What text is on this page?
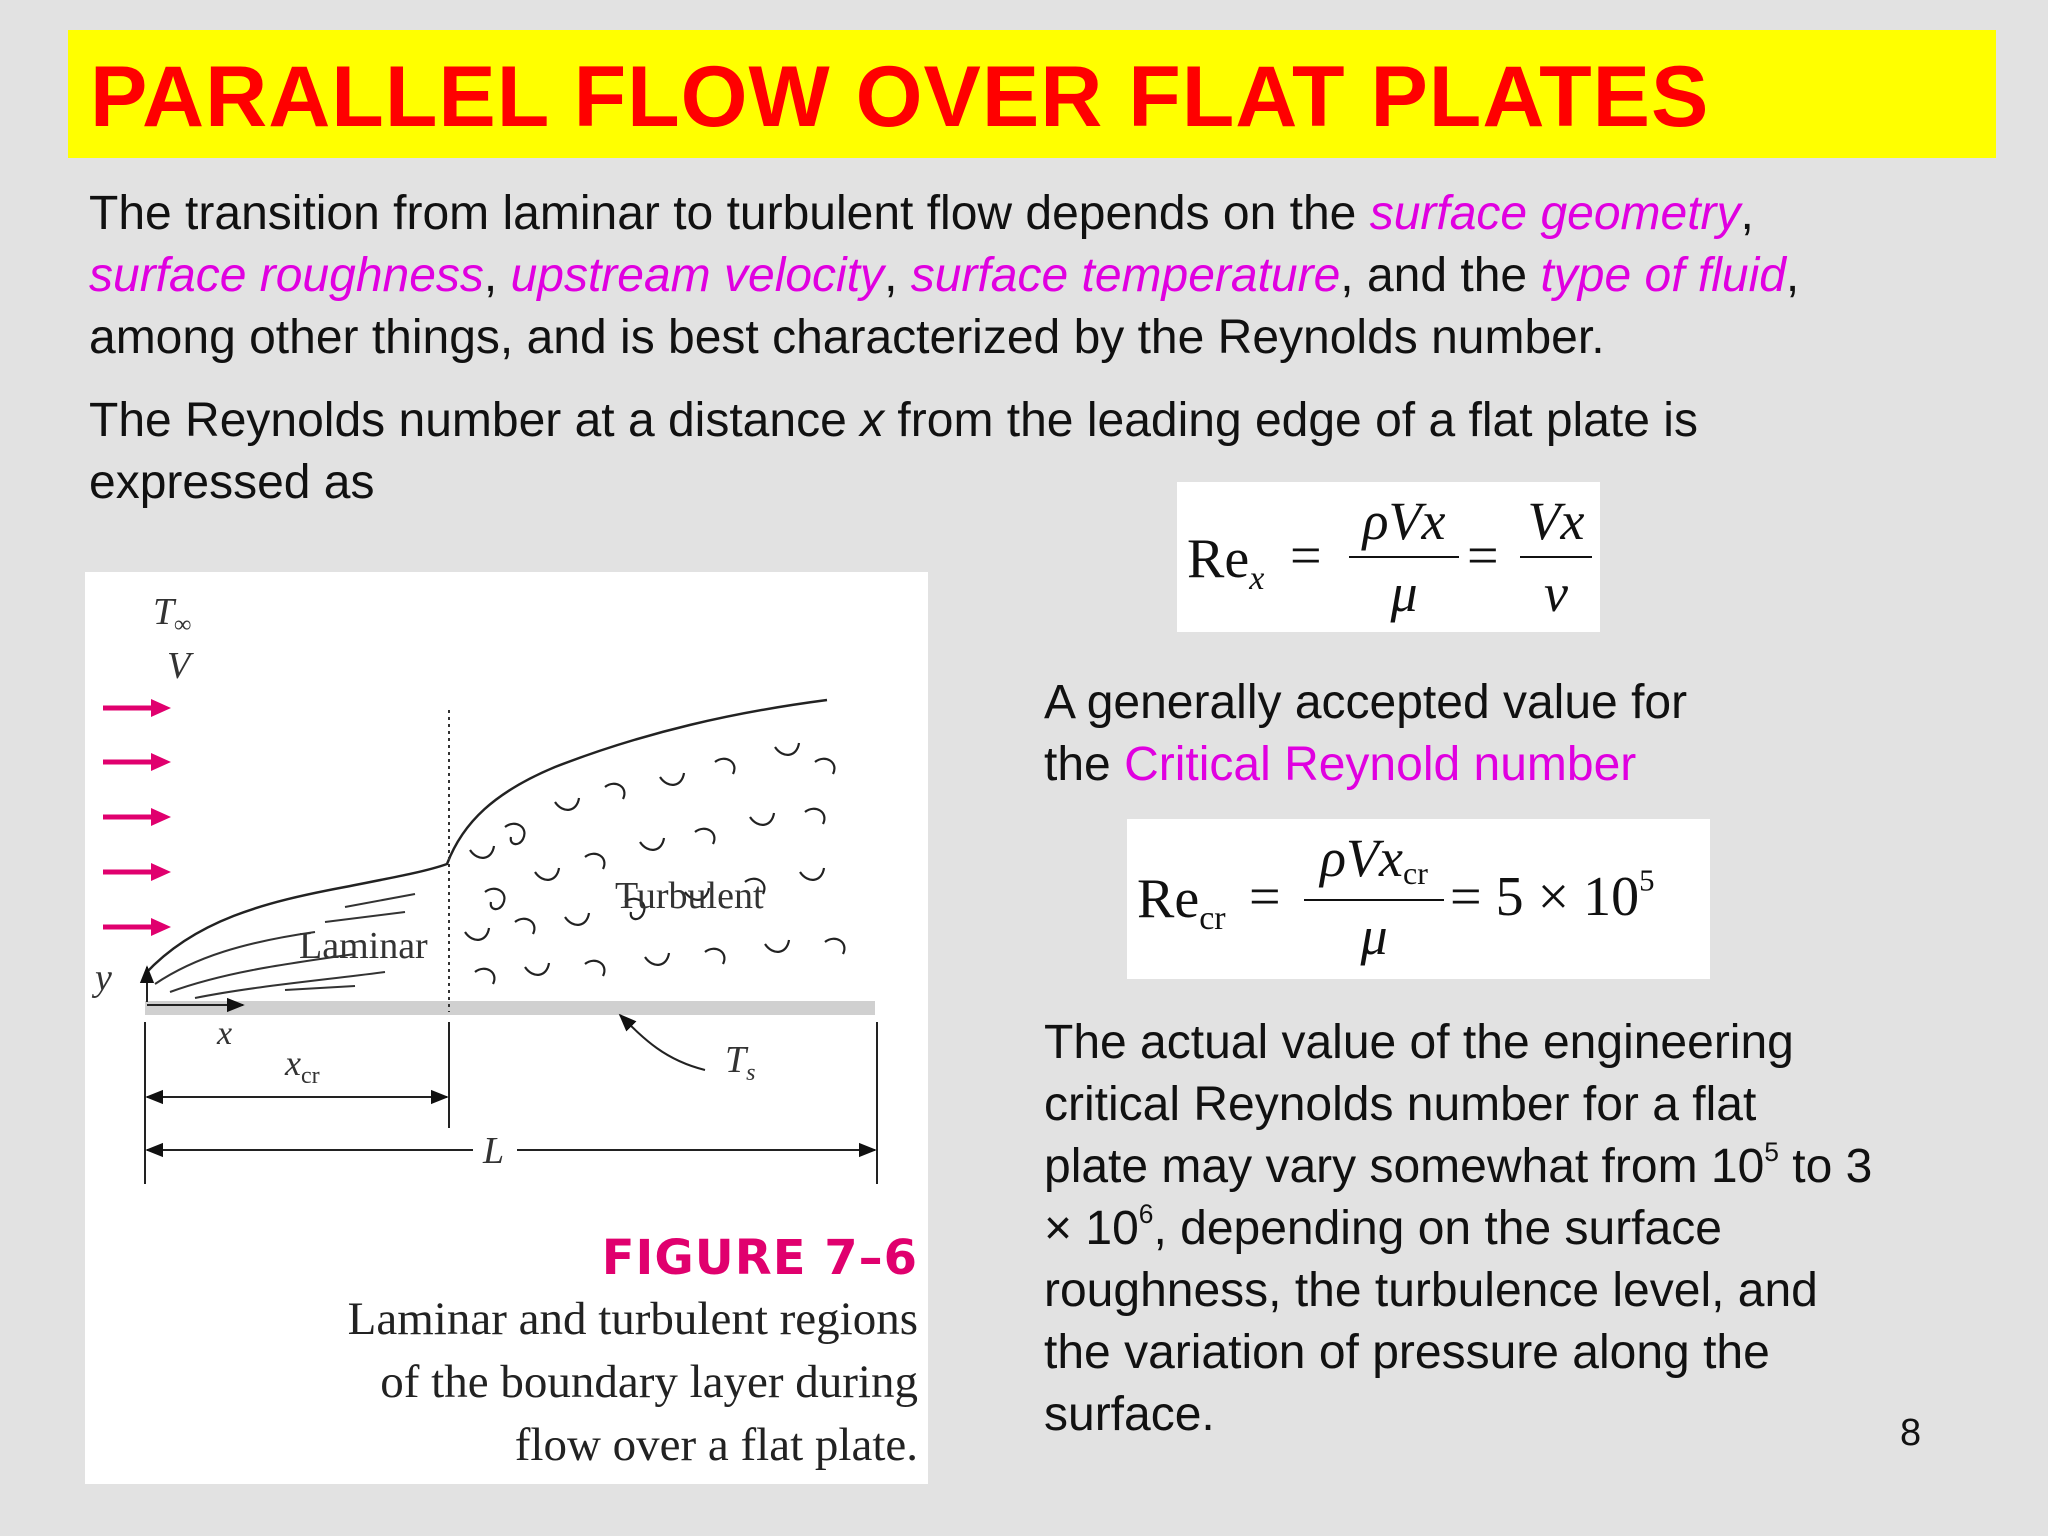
PARALLEL FLOW OVER FLAT PLATES
The transition from laminar to turbulent flow depends on the surface geometry,
surface roughness, upstream velocity, surface temperature, and the type of fluid,
among other things, and is best characterized by the Reynolds number.
The Reynolds number at a distance x from the leading edge of a flat plate is
expressed as
$Re_x$ =
ρVx
μ
=
Vx
ν
A generally accepted value for
the Critical Reynold number
$Re_{cr}$ =
ρVxcr
μ
= $5 \times 10^5$
The actual value of the engineering
critical Reynolds number for a flat
plate may vary somewhat from $10^5$ to 3
× $10^6$, depending on the surface
roughness, the turbulence level, and
the variation of pressure along the
surface.
$T_\infty$
V
Laminar
Turbulent
y
x
$x_{cr}$	$T_s$
L
FIGURE 7–6
Laminar and turbulent regions
of the boundary layer during
flow over a flat plate.	8
